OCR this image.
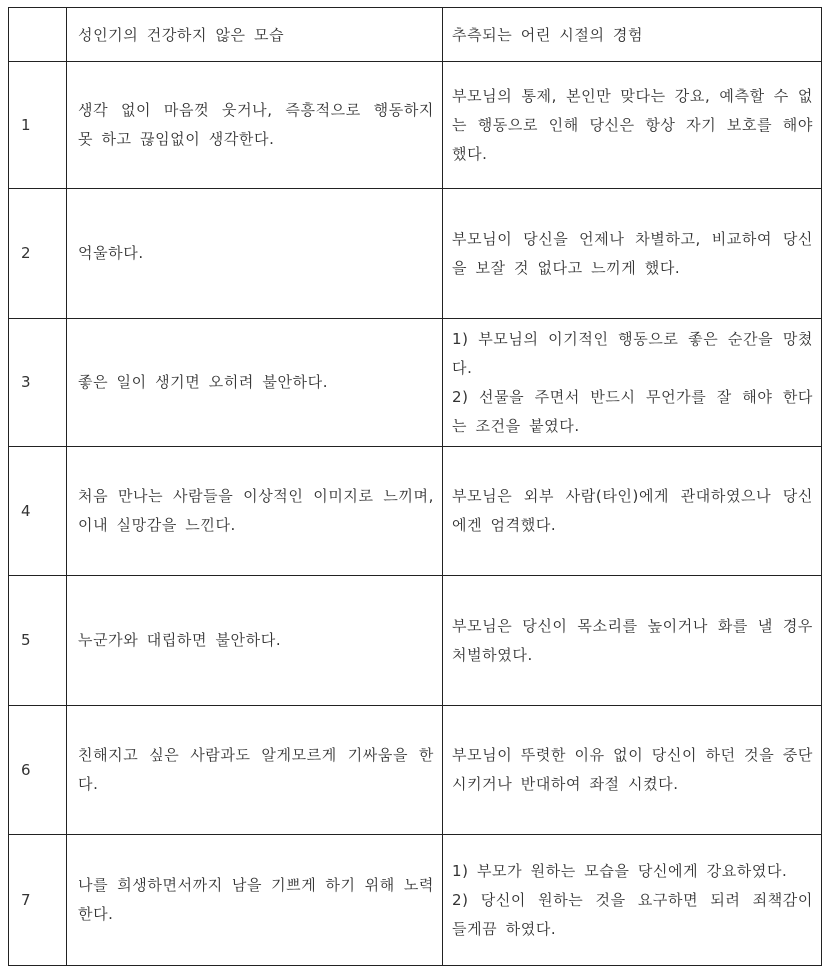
	성인기의 건강하지 않은 모습	추측되는 어린 시절의 경험

1	생각 없이 마음껏 웃거나, 즉흥적으로 행동하지 못 하고 끊임없이 생각한다.	부모님의 통제, 본인만 맞다는 강요, 예측할 수 없는 행동으로 인해 당신은 항상 자기 보호를 해야 했다.

2	억울하다.	부모님이 당신을 언제나 차별하고, 비교하여 당신을 보잘 것 없다고 느끼게 했다.

3	좋은 일이 생기면 오히려 불안하다.	1) 부모님의 이기적인 행동으로 좋은 순간을 망쳤다.
2) 선물을 주면서 반드시 무언가를 잘 해야 한다는 조건을 붙였다.

4	처음 만나는 사람들을 이상적인 이미지로 느끼며, 이내 실망감을 느낀다.	부모님은 외부 사람(타인)에게 관대하였으나 당신에겐 엄격했다.

5	누군가와 대립하면 불안하다.	부모님은 당신이 목소리를 높이거나 화를 낼 경우 처벌하였다.

6	친해지고 싶은 사람과도 알게모르게 기싸움을 한다.	부모님이 뚜렷한 이유 없이 당신이 하던 것을 중단시키거나 반대하여 좌절 시켰다.

7	나를 희생하면서까지 남을 기쁘게 하기 위해 노력한다.	1) 부모가 원하는 모습을 당신에게 강요하였다.
2) 당신이 원하는 것을 요구하면 되려 죄책감이 들게끔 하였다.
